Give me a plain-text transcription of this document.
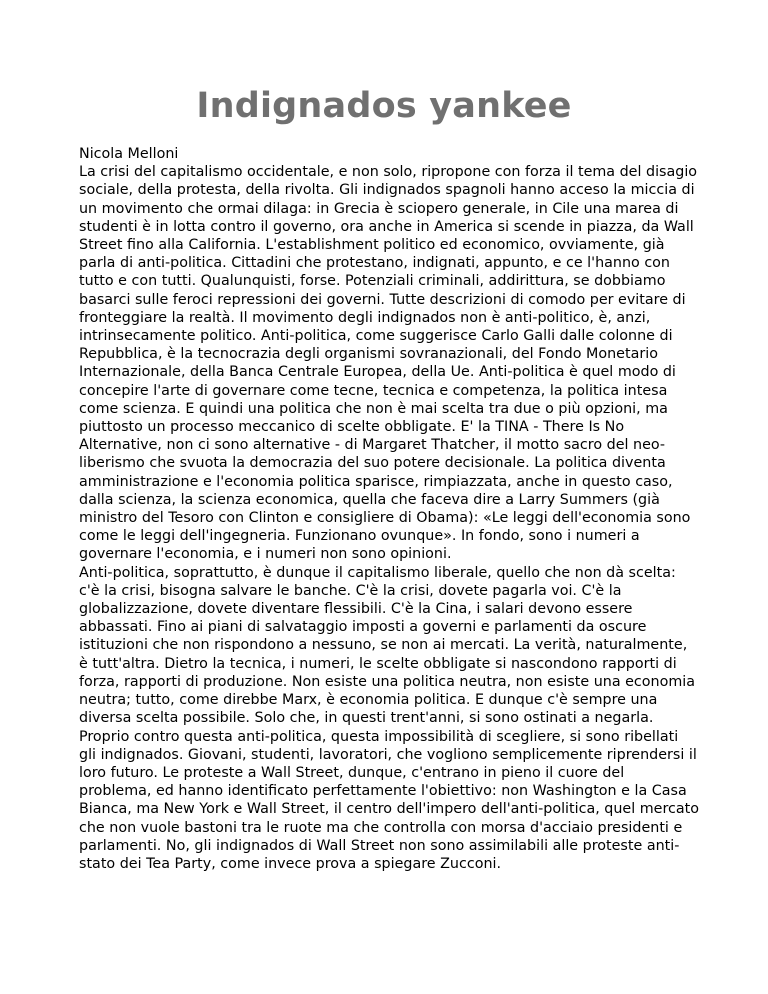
Indignados yankee

Nicola Melloni

La crisi del capitalismo occidentale, e non solo, ripropone con forza il tema del disagio sociale, della protesta, della rivolta. Gli indignados spagnoli hanno acceso la miccia di un movimento che ormai dilaga: in Grecia è sciopero generale, in Cile una marea di studenti è in lotta contro il governo, ora anche in America si scende in piazza, da Wall Street fino alla California. L'establishment politico ed economico, ovviamente, già parla di anti-politica. Cittadini che protestano, indignati, appunto, e ce l'hanno con tutto e con tutti. Qualunquisti, forse. Potenziali criminali, addirittura, se dobbiamo basarci sulle feroci repressioni dei governi. Tutte descrizioni di comodo per evitare di fronteggiare la realtà. Il movimento degli indignados non è anti-politico, è, anzi, intrinsecamente politico. Anti-politica, come suggerisce Carlo Galli dalle colonne di Repubblica, è la tecnocrazia degli organismi sovranazionali, del Fondo Monetario Internazionale, della Banca Centrale Europea, della Ue. Anti-politica è quel modo di concepire l'arte di governare come tecne, tecnica e competenza, la politica intesa come scienza. E quindi una politica che non è mai scelta tra due o più opzioni, ma piuttosto un processo meccanico di scelte obbligate. E' la TINA - There Is No Alternative, non ci sono alternative - di Margaret Thatcher, il motto sacro del neo-liberismo che svuota la democrazia del suo potere decisionale. La politica diventa amministrazione e l'economia politica sparisce, rimpiazzata, anche in questo caso, dalla scienza, la scienza economica, quella che faceva dire a Larry Summers (già ministro del Tesoro con Clinton e consigliere di Obama): «Le leggi dell'economia sono come le leggi dell'ingegneria. Funzionano ovunque». In fondo, sono i numeri a governare l'economia, e i numeri non sono opinioni.

Anti-politica, soprattutto, è dunque il capitalismo liberale, quello che non dà scelta: c'è la crisi, bisogna salvare le banche. C'è la crisi, dovete pagarla voi. C'è la globalizzazione, dovete diventare flessibili. C'è la Cina, i salari devono essere abbassati. Fino ai piani di salvataggio imposti a governi e parlamenti da oscure istituzioni che non rispondono a nessuno, se non ai mercati. La verità, naturalmente, è tutt'altra. Dietro la tecnica, i numeri, le scelte obbligate si nascondono rapporti di forza, rapporti di produzione. Non esiste una politica neutra, non esiste una economia neutra; tutto, come direbbe Marx, è economia politica. E dunque c'è sempre una diversa scelta possibile. Solo che, in questi trent'anni, si sono ostinati a negarla.

Proprio contro questa anti-politica, questa impossibilità di scegliere, si sono ribellati gli indignados. Giovani, studenti, lavoratori, che vogliono semplicemente riprendersi il loro futuro. Le proteste a Wall Street, dunque, c'entrano in pieno il cuore del problema, ed hanno identificato perfettamente l'obiettivo: non Washington e la Casa Bianca, ma New York e Wall Street, il centro dell'impero dell'anti-politica, quel mercato che non vuole bastoni tra le ruote ma che controlla con morsa d'acciaio presidenti e parlamenti. No, gli indignados di Wall Street non sono assimilabili alle proteste anti-stato dei Tea Party, come invece prova a spiegare Zucconi.
